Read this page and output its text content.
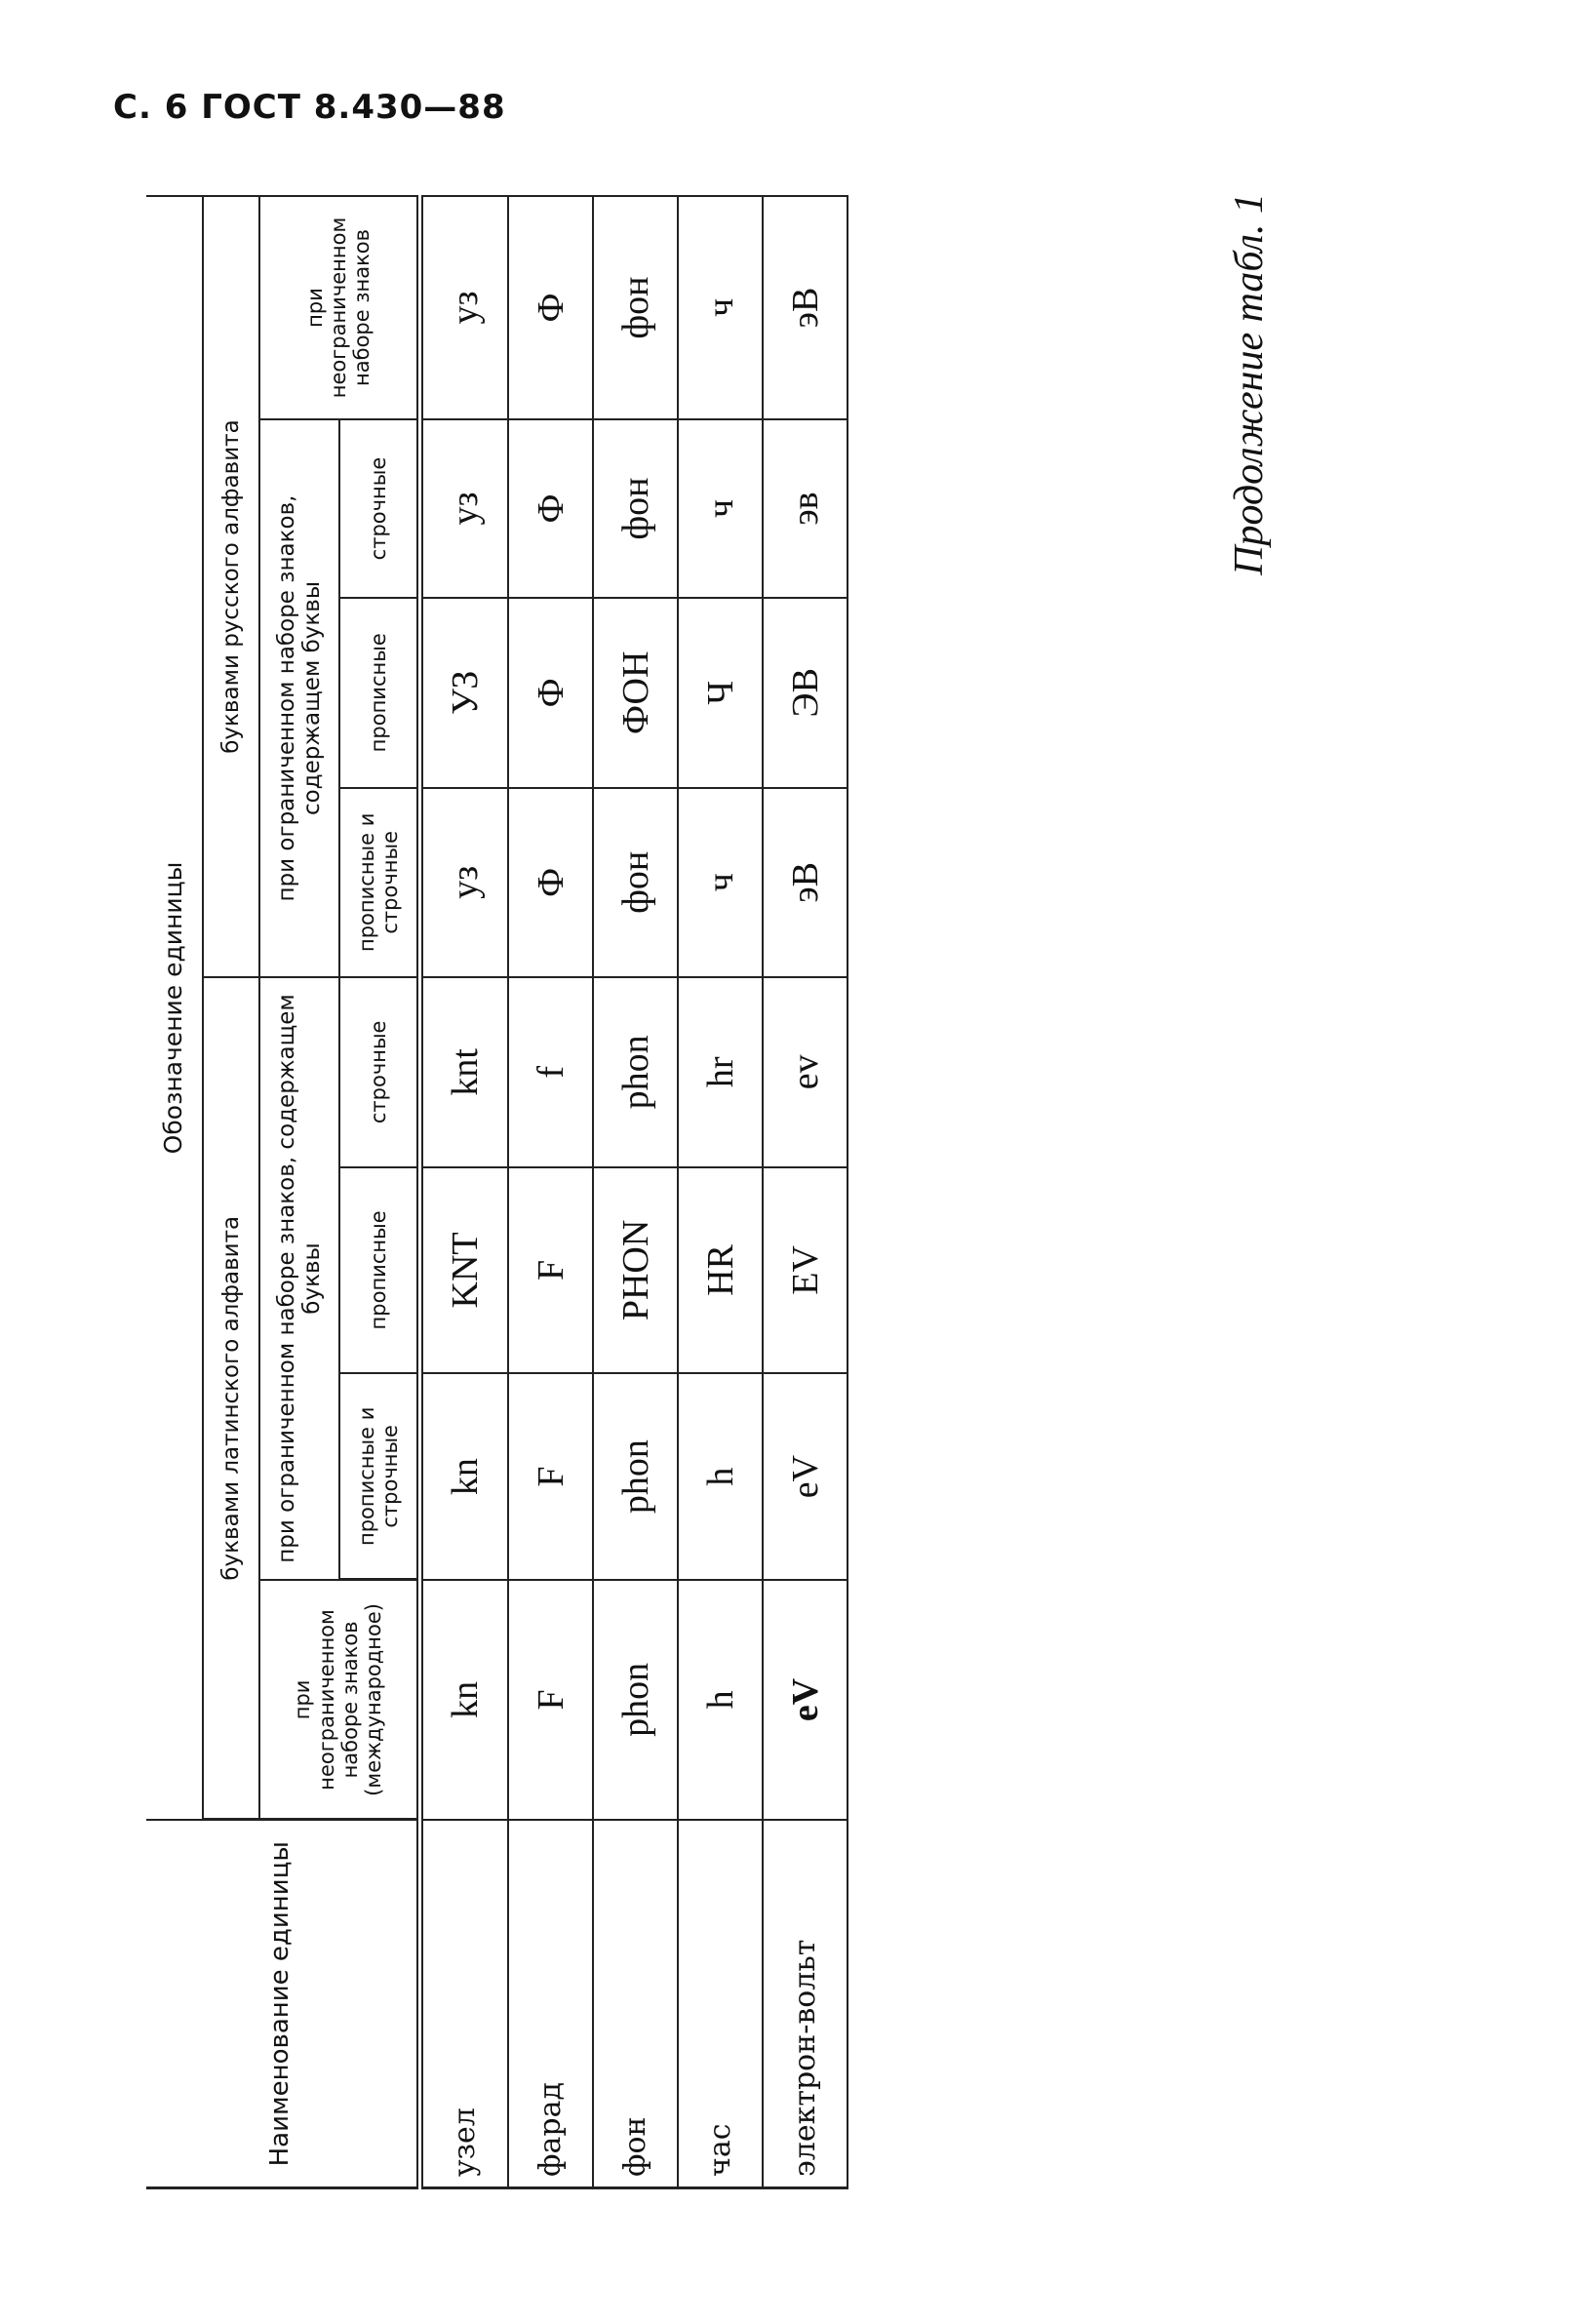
С. 6 ГОСТ 8.430—88
Продолжение табл. 1
Наименование единицы	Обозначение единицы							
	буквами латинского алфавита				буквами русского алфавита			
	при неограниченном наборе знаков (международное)	при ограниченном наборе знаков, содержащем буквы			при ограниченном наборе знаков, содержащем буквы			при неограниченном наборе знаков
		прописные и строчные	прописные	строчные	прописные и строчные	прописные	строчные	
узел	kn	kn	KNT	knt	уз	УЗ	уз	уз
фарад	F	F	F	f	Ф	Ф	Ф	Ф
фон	phon	phon	PHON	phon	фон	ФОН	фон	фон
час	h	h	HR	hr	ч	Ч	ч	ч
электрон-вольт	eV	eV	EV	ev	эВ	ЭВ	эв	эВ
